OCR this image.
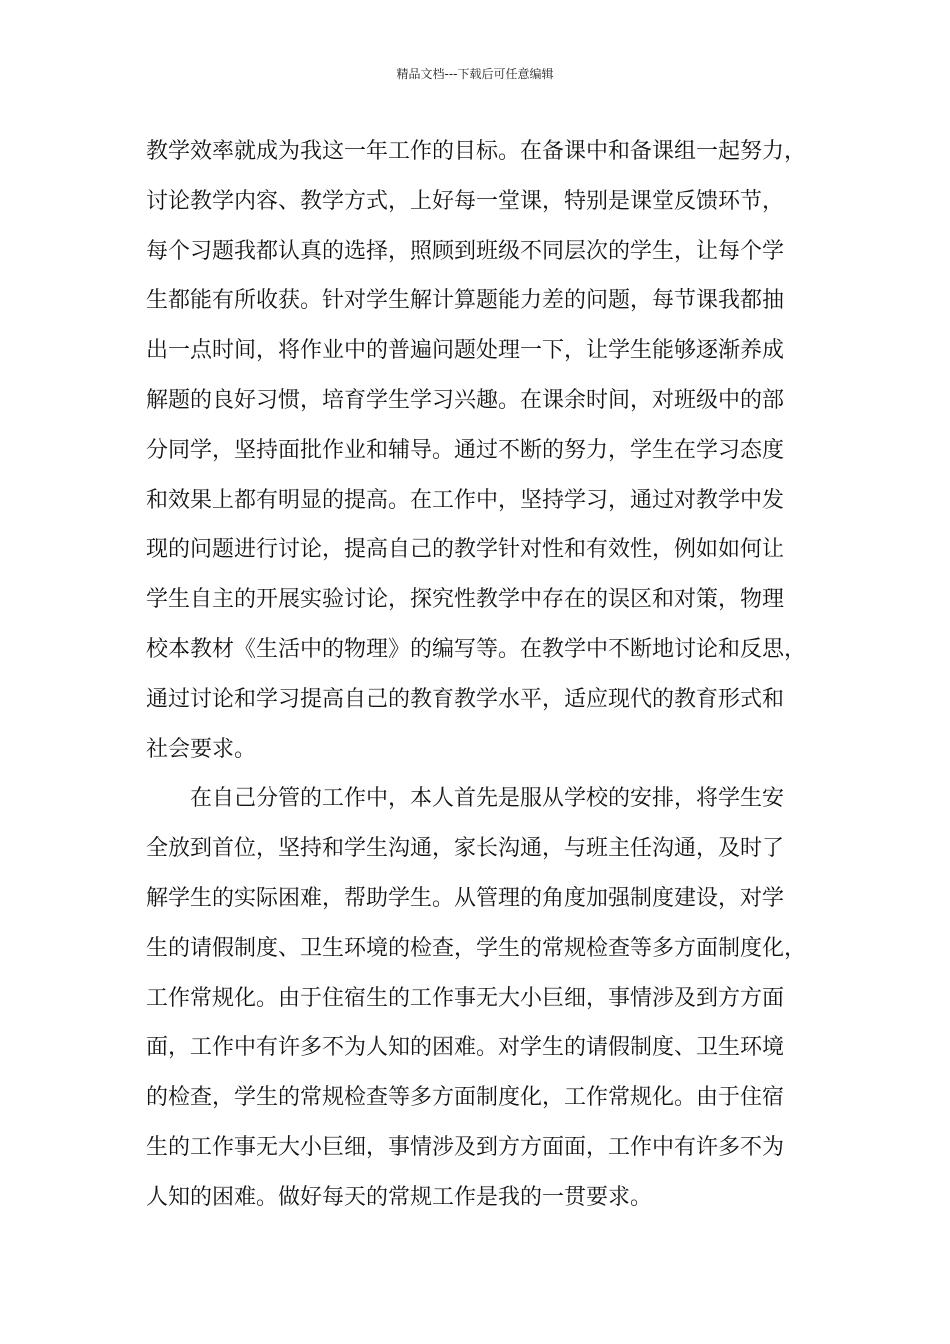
精品文档---下载后可任意编辑
教学效率就成为我这一年工作的目标。在备课中和备课组一起努力，
讨论教学内容、教学方式，上好每一堂课，特别是课堂反馈环节，
每个习题我都认真的选择，照顾到班级不同层次的学生，让每个学
生都能有所收获。针对学生解计算题能力差的问题，每节课我都抽
出一点时间，将作业中的普遍问题处理一下，让学生能够逐渐养成
解题的良好习惯，培育学生学习兴趣。在课余时间，对班级中的部
分同学，坚持面批作业和辅导。通过不断的努力，学生在学习态度
和效果上都有明显的提高。在工作中，坚持学习，通过对教学中发
现的问题进行讨论，提高自己的教学针对性和有效性，例如如何让
学生自主的开展实验讨论，探究性教学中存在的误区和对策，物理
校本教材《生活中的物理》的编写等。在教学中不断地讨论和反思，
通过讨论和学习提高自己的教育教学水平，适应现代的教育形式和
社会要求。
在自己分管的工作中，本人首先是服从学校的安排，将学生安
全放到首位，坚持和学生沟通，家长沟通，与班主任沟通，及时了
解学生的实际困难，帮助学生。从管理的角度加强制度建设，对学
生的请假制度、卫生环境的检查，学生的常规检查等多方面制度化，
工作常规化。由于住宿生的工作事无大小巨细，事情涉及到方方面
面，工作中有许多不为人知的困难。对学生的请假制度、卫生环境
的检查，学生的常规检查等多方面制度化，工作常规化。由于住宿
生的工作事无大小巨细，事情涉及到方方面面，工作中有许多不为
人知的困难。做好每天的常规工作是我的一贯要求。
